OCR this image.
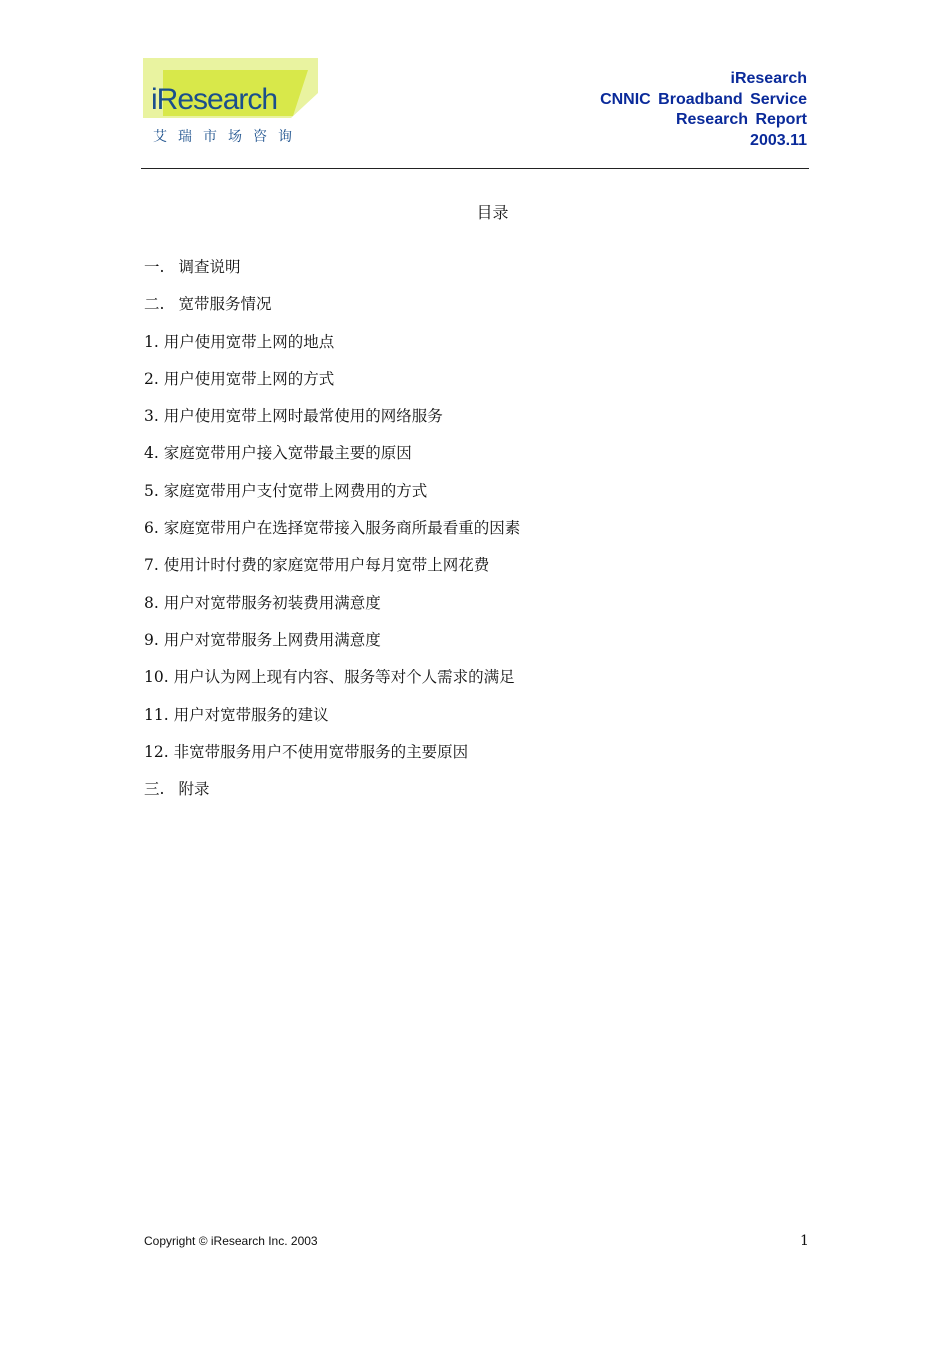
iResearch
艾瑞市场咨询
iResearch
CNNIC Broadband Service
Research Report
2003.11
目录
一. 调查说明
二. 宽带服务情况
1. 用户使用宽带上网的地点
2. 用户使用宽带上网的方式
3. 用户使用宽带上网时最常使用的网络服务
4. 家庭宽带用户接入宽带最主要的原因
5. 家庭宽带用户支付宽带上网费用的方式
6. 家庭宽带用户在选择宽带接入服务商所最看重的因素
7. 使用计时付费的家庭宽带用户每月宽带上网花费
8. 用户对宽带服务初装费用满意度
9. 用户对宽带服务上网费用满意度
10. 用户认为网上现有内容、服务等对个人需求的满足
11. 用户对宽带服务的建议
12. 非宽带服务用户不使用宽带服务的主要原因
三. 附录
Copyright © iResearch Inc. 2003	1
